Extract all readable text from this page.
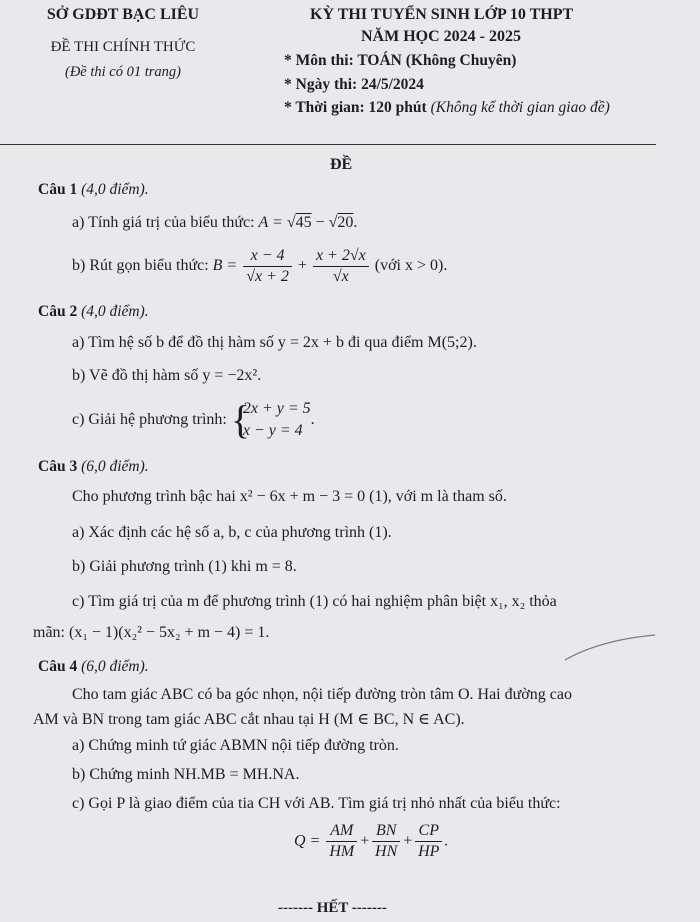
SỞ GDĐT BẠC LIÊU
ĐỀ THI CHÍNH THỨC
(Đề thi có 01 trang)
KỲ THI TUYỂN SINH LỚP 10 THPT
NĂM HỌC 2024 - 2025
* Môn thi: TOÁN (Không Chuyên)
* Ngày thi: 24/5/2024
* Thời gian: 120 phút (Không kể thời gian giao đề)
ĐỀ
Câu 1 (4,0 điểm).
a) Tính giá trị của biểu thức: A = √45 − √20.
b) Rút gọn biểu thức: $B = \frac{x - 4}{√x + 2} + \frac{x + 2√x}{√x}$ (với x > 0).
Câu 2 (4,0 điểm).
a) Tìm hệ số b để đồ thị hàm số y = 2x + b đi qua điểm M(5;2).
b) Vẽ đồ thị hàm số y = −2x².
c) Giải hệ phương trình: {
2x + y = 5
x − y = 4
.
Câu 3 (6,0 điểm).
Cho phương trình bậc hai x² − 6x + m − 3 = 0 (1), với m là tham số.
a) Xác định các hệ số a, b, c của phương trình (1).
b) Giải phương trình (1) khi m = 8.
c) Tìm giá trị của m để phương trình (1) có hai nghiệm phân biệt x₁, x₂ thỏa
mãn: (x₁ − 1)(x₂² − 5x₂ + m − 4) = 1.
Câu 4 (6,0 điểm).
Cho tam giác ABC có ba góc nhọn, nội tiếp đường tròn tâm O. Hai đường cao
AM và BN trong tam giác ABC cắt nhau tại H (M ∈ BC, N ∈ AC).
a) Chứng minh tứ giác ABMN nội tiếp đường tròn.
b) Chứng minh NH.MB = MH.NA.
c) Gọi P là giao điểm của tia CH với AB. Tìm giá trị nhỏ nhất của biểu thức:
$Q = \frac{AM}{HM} + \frac{BN}{HN} + \frac{CP}{HP}$ .
------- HẾT -------
